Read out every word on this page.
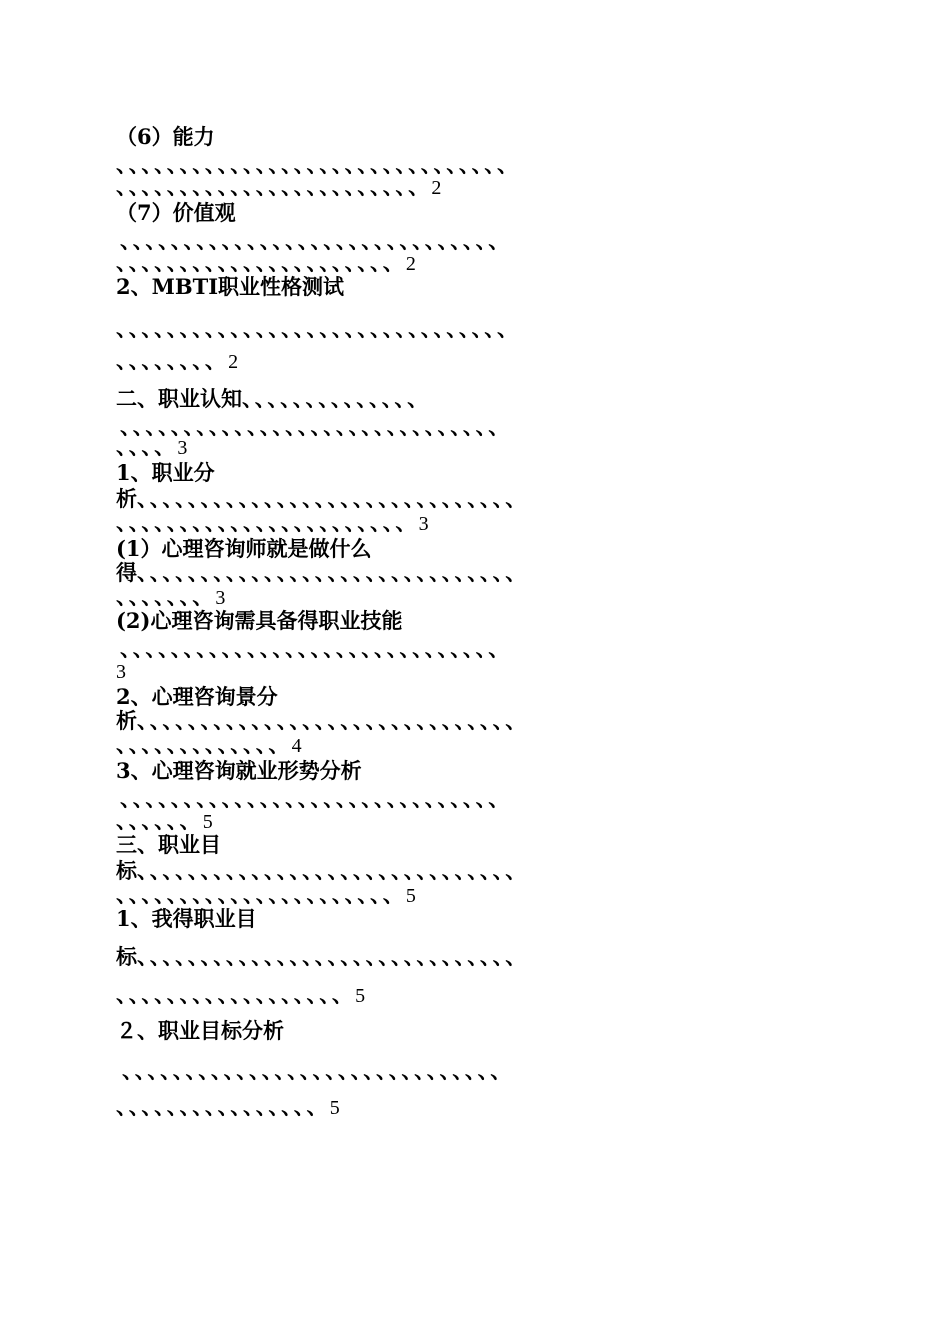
（6）能力
、、、、、、、、、、、、、、、、、、、、、、、、、、、、、、、
、、、、、、、、、、、、、、、、、、、、、、、、2
（7）价值观
、、、、、、、、、、、、、、、、、、、、、、、、、、、、、、
、、、、、、、、、、、、、、、、、、、、、、2
2、MBTI职业性格测试
、、、、、、、、、、、、、、、、、、、、、、、、、、、、、、、
、、、、、、、、2
二、职业认知、、、、、、、、、、、、、、
、、、、、、、、、、、、、、、、、、、、、、、、、、、、、、
、、、、3
1、职业分
析、、、、、、、、、、、、、、、、、、、、、、、、、、、、、、
、、、、、、、、、、、、、、、、、、、、、、、3
(1）心理咨询师就是做什么
得、、、、、、、、、、、、、、、、、、、、、、、、、、、、、、
、、、、、、、3
(2)心理咨询需具备得职业技能
、、、、、、、、、、、、、、、、、、、、、、、、、、、、、、
3
2、心理咨询景分
析、、、、、、、、、、、、、、、、、、、、、、、、、、、、、、
、、、、、、、、、、、、、4
3、心理咨询就业形势分析
、、、、、、、、、、、、、、、、、、、、、、、、、、、、、、
、、、、、、5
三、职业目
标、、、、、、、、、、、、、、、、、、、、、、、、、、、、、、
、、、、、、、、、、、、、、、、、、、、、、5
1、我得职业目
标、、、、、、、、、、、、、、、、、、、、、、、、、、、、、、
、、、、、、、、、、、、、、、、、、5
２、职业目标分析
、、、、、、、、、、、、、、、、、、、、、、、、、、、、、、
、、、、、、、、、、、、、、、、5
